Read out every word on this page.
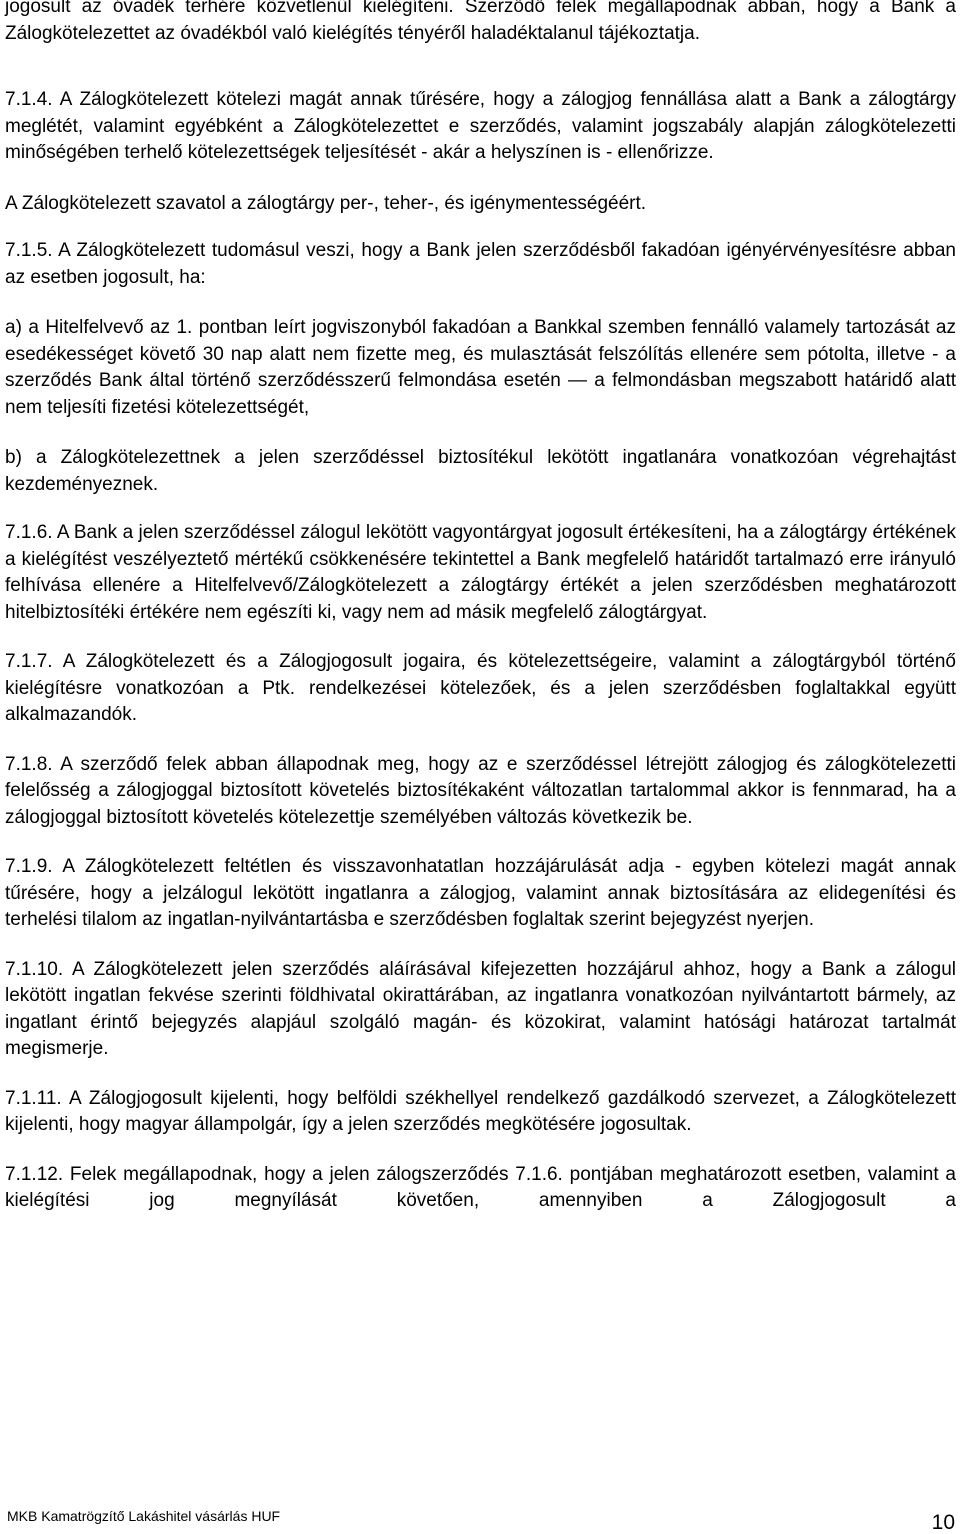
jogosult az óvadék terhére közvetlenül kielégíteni. Szerződő felek megállapodnak abban, hogy a Bank a Zálogkötelezettet az óvadékból való kielégítés tényéről haladéktalanul tájékoztatja.

7.1.4. A Zálogkötelezett kötelezi magát annak tűrésére, hogy a zálogjog fennállása alatt a Bank a zálogtárgy meglétét, valamint egyébként a Zálogkötelezettet e szerződés, valamint jogszabály alapján zálogkötelezetti minőségében terhelő kötelezettségek teljesítését - akár a helyszínen is - ellenőrizze.

A Zálogkötelezett szavatol a zálogtárgy per-, teher-, és igénymentességéért.

7.1.5. A Zálogkötelezett tudomásul veszi, hogy a Bank jelen szerződésből fakadóan igényérvényesítésre abban az esetben jogosult, ha:

a) a Hitelfelvevő az 1. pontban leírt jogviszonyból fakadóan a Bankkal szemben fennálló valamely tartozását az esedékességet követő 30 nap alatt nem fizette meg, és mulasztását felszólítás ellenére sem pótolta, illetve - a szerződés Bank által történő szerződésszerű felmondása esetén — a felmondásban megszabott határidő alatt nem teljesíti fizetési kötelezettségét,

b) a Zálogkötelezettnek a jelen szerződéssel biztosítékul lekötött ingatlanára vonatkozóan végrehajtást kezdeményeznek.

7.1.6. A Bank a jelen szerződéssel zálogul lekötött vagyontárgyat jogosult értékesíteni, ha a zálogtárgy értékének a kielégítést veszélyeztető mértékű csökkenésére tekintettel a Bank megfelelő határidőt tartalmazó erre irányuló felhívása ellenére a Hitelfelvevő/Zálogkötelezett a zálogtárgy értékét a jelen szerződésben meghatározott hitelbiztosítéki értékére nem egészíti ki, vagy nem ad másik megfelelő zálogtárgyat.

7.1.7. A Zálogkötelezett és a Zálogjogosult jogaira, és kötelezettségeire, valamint a zálogtárgyból történő kielégítésre vonatkozóan a Ptk. rendelkezései kötelezőek, és a jelen szerződésben foglaltakkal együtt alkalmazandók.

7.1.8. A szerződő felek abban állapodnak meg, hogy az e szerződéssel létrejött zálogjog és zálogkötelezetti felelősség a zálogjoggal biztosított követelés biztosítékaként változatlan tartalommal akkor is fennmarad, ha a zálogjoggal biztosított követelés kötelezettje személyében változás következik be.

7.1.9. A Zálogkötelezett feltétlen és visszavonhatatlan hozzájárulását adja - egyben kötelezi magát annak tűrésére, hogy a jelzálogul lekötött ingatlanra a zálogjog, valamint annak biztosítására az elidegenítési és terhelési tilalom az ingatlan-nyilvántartásba e szerződésben foglaltak szerint bejegyzést nyerjen.

7.1.10. A Zálogkötelezett jelen szerződés aláírásával kifejezetten hozzájárul ahhoz, hogy a Bank a zálogul lekötött ingatlan fekvése szerinti földhivatal okirattárában, az ingatlanra vonatkozóan nyilvántartott bármely, az ingatlant érintő bejegyzés alapjául szolgáló magán- és közokirat, valamint hatósági határozat tartalmát megismerje.

7.1.11. A Zálogjogosult kijelenti, hogy belföldi székhellyel rendelkező gazdálkodó szervezet, a Zálogkötelezett kijelenti, hogy magyar állampolgár, így a jelen szerződés megkötésére jogosultak.

7.1.12. Felek megállapodnak, hogy a jelen zálogszerződés 7.1.6. pontjában meghatározott esetben, valamint a kielégítési jog megnyílását követően, amennyiben a Zálogjogosult a

MKB Kamatrögzítő Lakáshitel vásárlás HUF	10
